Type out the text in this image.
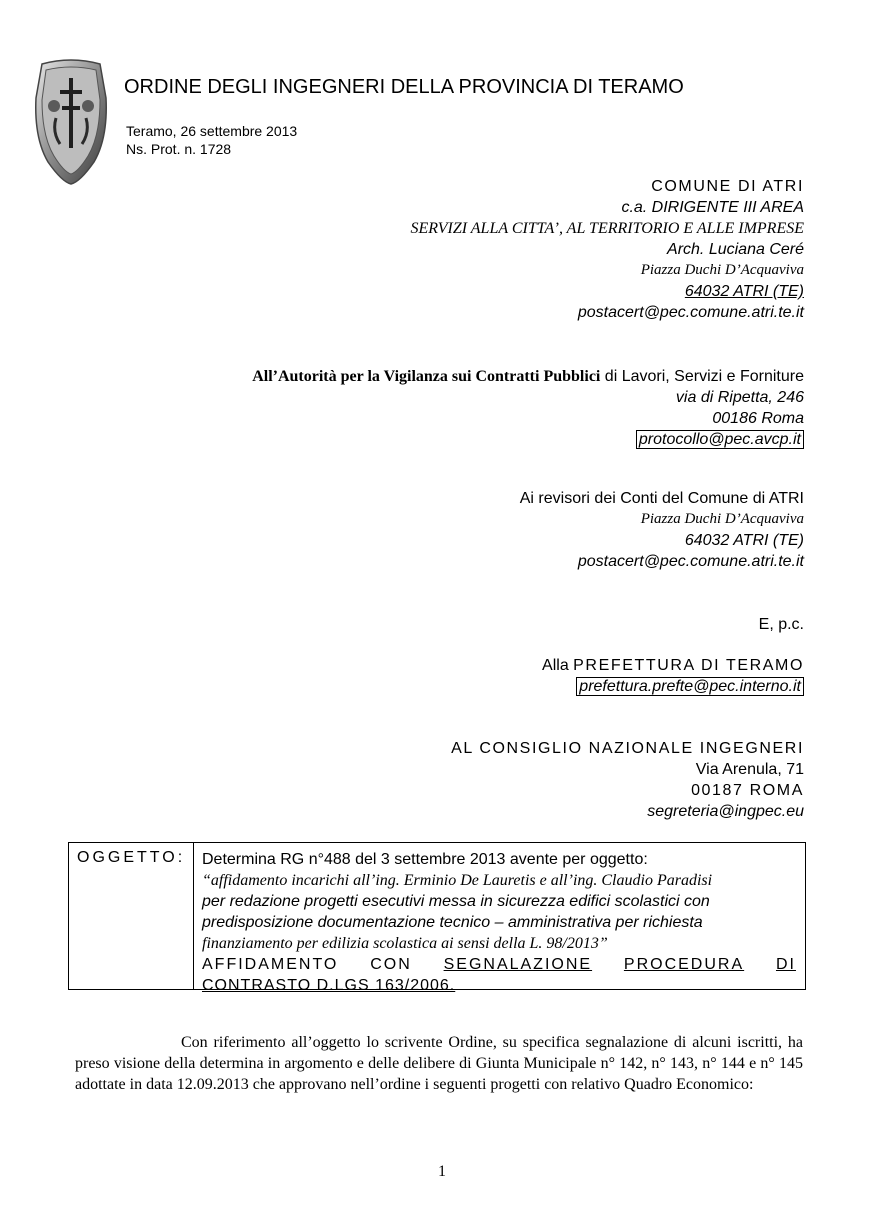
ORDINE DEGLI INGEGNERI DELLA PROVINCIA DI TERAMO
Teramo, 26 settembre 2013
Ns. Prot. n. 1728
COMUNE DI ATRI
c.a. DIRIGENTE III AREA
SERVIZI ALLA CITTA’, AL TERRITORIO E ALLE IMPRESE
Arch. Luciana Ceré
Piazza Duchi D’Acquaviva
64032 ATRI (TE)
postacert@pec.comune.atri.te.it
All’Autorità per la Vigilanza sui Contratti Pubblici di Lavori, Servizi e Forniture
via di Ripetta, 246
00186 Roma
protocollo@pec.avcp.it
Ai revisori dei Conti del Comune di ATRI
Piazza Duchi D’Acquaviva
64032 ATRI (TE)
postacert@pec.comune.atri.te.it
E, p.c.
Alla PREFETTURA DI TERAMO
prefettura.prefte@pec.interno.it
AL CONSIGLIO NAZIONALE INGEGNERI
Via Arenula, 71
00187 ROMA
segreteria@ingpec.eu
OGGETTO: Determina RG n°488 del 3 settembre 2013 avente per oggetto:
“affidamento incarichi all’ing. Erminio De Lauretis e all’ing. Claudio Paradisi
per redazione progetti esecutivi messa in sicurezza edifici scolastici con
predisposizione documentazione tecnico – amministrativa per richiesta
finanziamento per edilizia scolastica ai sensi della L. 98/2013”
AFFIDAMENTO CON SEGNALAZIONE PROCEDURA DI
CONTRASTO D.LGS 163/2006.
Con riferimento all’oggetto lo scrivente Ordine, su specifica segnalazione di alcuni iscritti, ha preso visione della determina in argomento e delle delibere di Giunta Municipale n° 142, n° 143, n° 144 e n° 145 adottate in data 12.09.2013 che approvano nell’ordine i seguenti progetti con relativo Quadro Economico:
1
